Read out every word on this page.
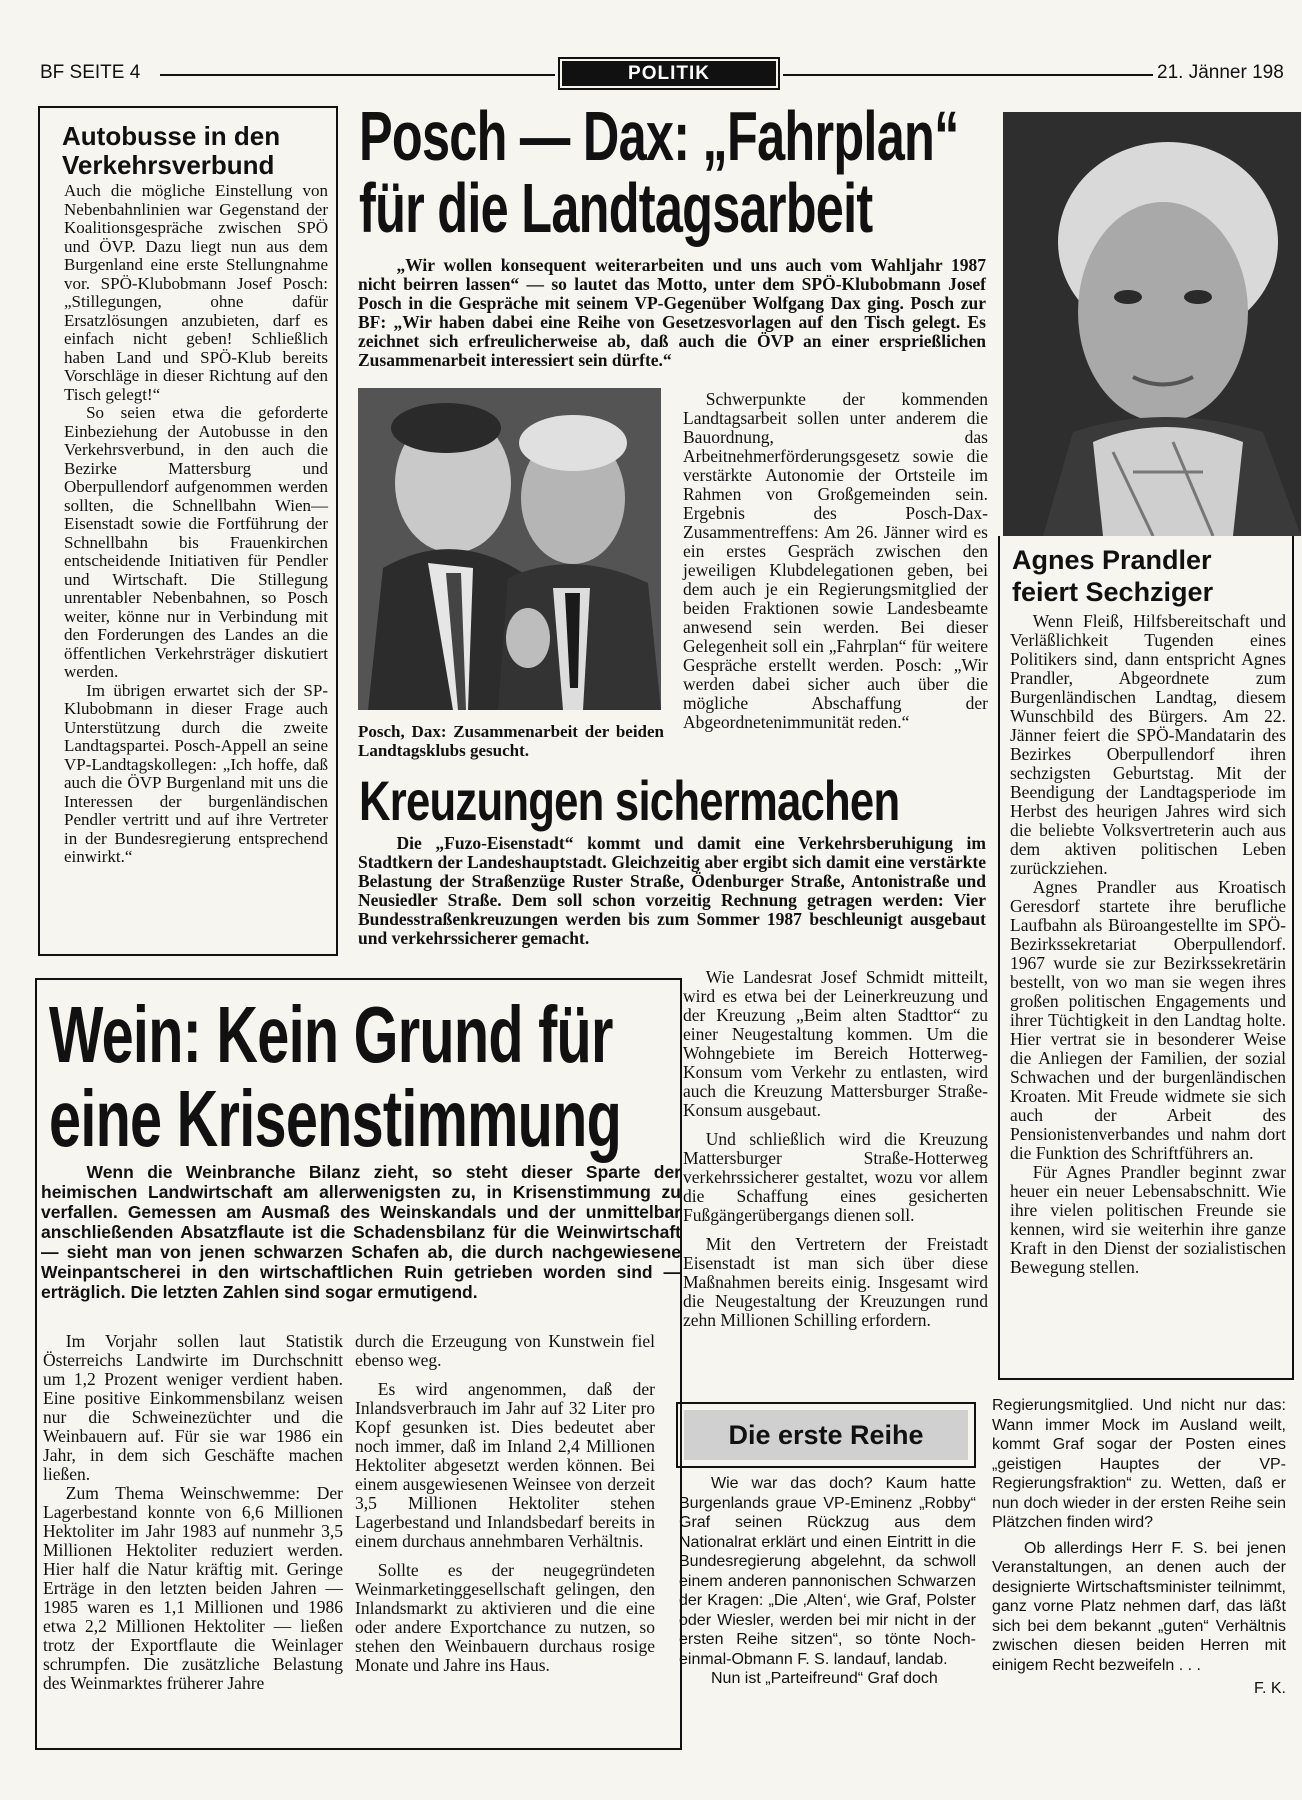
BF SEITE 4	POLITIK	21. Jänner 198
Autobusse in den Verkehrsverbund

Auch die mögliche Einstellung von Nebenbahnlinien war Gegenstand der Koalitionsgespräche zwischen SPÖ und ÖVP. Dazu liegt nun aus dem Burgenland eine erste Stellungnahme vor. SPÖ-Klubobmann Josef Posch: „Stillegungen, ohne dafür Ersatzlösungen anzubieten, darf es einfach nicht geben! Schließlich haben Land und SPÖ-Klub bereits Vorschläge in dieser Richtung auf den Tisch gelegt!“

So seien etwa die geforderte Einbeziehung der Autobusse in den Verkehrsverbund, in den auch die Bezirke Mattersburg und Oberpullendorf aufgenommen werden sollten, die Schnellbahn Wien—Eisenstadt sowie die Fortführung der Schnellbahn bis Frauenkirchen entscheidende Initiativen für Pendler und Wirtschaft. Die Stillegung unrentabler Nebenbahnen, so Posch weiter, könne nur in Verbindung mit den Forderungen des Landes an die öffentlichen Verkehrsträger diskutiert werden.

Im übrigen erwartet sich der SP-Klubobmann in dieser Frage auch Unterstützung durch die zweite Landtagspartei. Posch-Appell an seine VP-Landtagskollegen: „Ich hoffe, daß auch die ÖVP Burgenland mit uns die Interessen der burgenländischen Pendler vertritt und auf ihre Vertreter in der Bundesregierung entsprechend einwirkt.“

Posch — Dax: „Fahrplan“
für die Landtagsarbeit
„Wir wollen konsequent weiterarbeiten und uns auch vom Wahljahr 1987 nicht beirren lassen“ — so lautet das Motto, unter dem SPÖ-Klubobmann Josef Posch in die Gespräche mit seinem VP-Gegenüber Wolfgang Dax ging. Posch zur BF: „Wir haben dabei eine Reihe von Gesetzesvorlagen auf den Tisch gelegt. Es zeichnet sich erfreulicherweise ab, daß auch die ÖVP an einer ersprießlichen Zusammenarbeit interessiert sein dürfte.“
Posch, Dax: Zusammenarbeit der beiden Landtagsklubs gesucht.

Schwerpunkte der kommenden Landtagsarbeit sollen unter anderem die Bauordnung, das Arbeitnehmerförderungsgesetz sowie die verstärkte Autonomie der Ortsteile im Rahmen von Großgemeinden sein. Ergebnis des Posch-Dax-Zusammentreffens: Am 26. Jänner wird es ein erstes Gespräch zwischen den jeweiligen Klubdelegationen geben, bei dem auch je ein Regierungsmitglied der beiden Fraktionen sowie Landesbeamte anwesend sein werden. Bei dieser Gelegenheit soll ein „Fahrplan“ für weitere Gespräche erstellt werden. Posch: „Wir werden dabei sicher auch über die mögliche Abschaffung der Abgeordnetenimmunität reden.“

Agnes Prandler feiert Sechziger

Wenn Fleiß, Hilfsbereitschaft und Verläßlichkeit Tugenden eines Politikers sind, dann entspricht Agnes Prandler, Abgeordnete zum Burgenländischen Landtag, diesem Wunschbild des Bürgers. Am 22. Jänner feiert die SPÖ-Mandatarin des Bezirkes Oberpullendorf ihren sechzigsten Geburtstag. Mit der Beendigung der Landtagsperiode im Herbst des heurigen Jahres wird sich die beliebte Volksvertreterin auch aus dem aktiven politischen Leben zurückziehen.

Agnes Prandler aus Kroatisch Geresdorf startete ihre berufliche Laufbahn als Büroangestellte im SPÖ-Bezirkssekretariat Oberpullendorf. 1967 wurde sie zur Bezirkssekretärin bestellt, von wo man sie wegen ihres großen politischen Engagements und ihrer Tüchtigkeit in den Landtag holte. Hier vertrat sie in besonderer Weise die Anliegen der Familien, der sozial Schwachen und der burgenländischen Kroaten. Mit Freude widmete sie sich auch der Arbeit des Pensionistenverbandes und nahm dort die Funktion des Schriftführers an.

Für Agnes Prandler beginnt zwar heuer ein neuer Lebensabschnitt. Wie ihre vielen politischen Freunde sie kennen, wird sie weiterhin ihre ganze Kraft in den Dienst der sozialistischen Bewegung stellen.

Kreuzungen sichermachen
Die „Fuzo-Eisenstadt“ kommt und damit eine Verkehrsberuhigung im Stadtkern der Landeshauptstadt. Gleichzeitig aber ergibt sich damit eine verstärkte Belastung der Straßenzüge Ruster Straße, Ödenburger Straße, Antonistraße und Neusiedler Straße. Dem soll schon vorzeitig Rechnung getragen werden: Vier Bundesstraßenkreuzungen werden bis zum Sommer 1987 beschleunigt ausgebaut und verkehrssicherer gemacht.

Wie Landesrat Josef Schmidt mitteilt, wird es etwa bei der Leinerkreuzung und der Kreuzung „Beim alten Stadttor“ zu einer Neugestaltung kommen. Um die Wohngebiete im Bereich Hotterweg-Konsum vom Verkehr zu entlasten, wird auch die Kreuzung Mattersburger Straße-Konsum ausgebaut.

Und schließlich wird die Kreuzung Mattersburger Straße-Hotterweg verkehrssicherer gestaltet, wozu vor allem die Schaffung eines gesicherten Fußgängerübergangs dienen soll.

Mit den Vertretern der Freistadt Eisenstadt ist man sich über diese Maßnahmen bereits einig. Insgesamt wird die Neugestaltung der Kreuzungen rund zehn Millionen Schilling erfordern.

Wein: Kein Grund für
eine Krisenstimmung
Wenn die Weinbranche Bilanz zieht, so steht dieser Sparte der heimischen Landwirtschaft am allerwenigsten zu, in Krisenstimmung zu verfallen. Gemessen am Ausmaß des Weinskandals und der unmittelbar anschließenden Absatzflaute ist die Schadensbilanz für die Weinwirtschaft — sieht man von jenen schwarzen Schafen ab, die durch nachgewiesene Weinpantscherei in den wirtschaftlichen Ruin getrieben worden sind — erträglich. Die letzten Zahlen sind sogar ermutigend.

Im Vorjahr sollen laut Statistik Österreichs Landwirte im Durchschnitt um 1,2 Prozent weniger verdient haben. Eine positive Einkommensbilanz weisen nur die Schweinezüchter und die Weinbauern auf. Für sie war 1986 ein Jahr, in dem sich Geschäfte machen ließen.

Zum Thema Weinschwemme: Der Lagerbestand konnte von 6,6 Millionen Hektoliter im Jahr 1983 auf nunmehr 3,5 Millionen Hektoliter reduziert werden. Hier half die Natur kräftig mit. Geringe Erträge in den letzten beiden Jahren — 1985 waren es 1,1 Millionen und 1986 etwa 2,2 Millionen Hektoliter — ließen trotz der Exportflaute die Weinlager schrumpfen. Die zusätzliche Belastung des Weinmarktes früherer Jahre

durch die Erzeugung von Kunstwein fiel ebenso weg.

Es wird angenommen, daß der Inlandsverbrauch im Jahr auf 32 Liter pro Kopf gesunken ist. Dies bedeutet aber noch immer, daß im Inland 2,4 Millionen Hektoliter abgesetzt werden können. Bei einem ausgewiesenen Weinsee von derzeit 3,5 Millionen Hektoliter stehen Lagerbestand und Inlandsbedarf bereits in einem durchaus annehmbaren Verhältnis.

Sollte es der neugegründeten Weinmarketinggesellschaft gelingen, den Inlandsmarkt zu aktivieren und die eine oder andere Exportchance zu nutzen, so stehen den Weinbauern durchaus rosige Monate und Jahre ins Haus.

Die erste Reihe

Wie war das doch? Kaum hatte Burgenlands graue VP-Eminenz „Robby“ Graf seinen Rückzug aus dem Nationalrat erklärt und einen Eintritt in die Bundesregierung abgelehnt, da schwoll einem anderen pannonischen Schwarzen der Kragen: „Die ‚Alten‘, wie Graf, Polster oder Wiesler, werden bei mir nicht in der ersten Reihe sitzen“, so tönte Noch-einmal-Obmann F. S. landauf, landab.

Nun ist „Parteifreund“ Graf doch

Regierungsmitglied. Und nicht nur das: Wann immer Mock im Ausland weilt, kommt Graf sogar der Posten eines „geistigen Hauptes der VP-Regierungsfraktion“ zu. Wetten, daß er nun doch wieder in der ersten Reihe sein Plätzchen finden wird?

Ob allerdings Herr F. S. bei jenen Veranstaltungen, an denen auch der designierte Wirtschaftsminister teilnimmt, ganz vorne Platz nehmen darf, das läßt sich bei dem bekannt „guten“ Verhältnis zwischen diesen beiden Herren mit einigem Recht bezweifeln . . .

F. K.
